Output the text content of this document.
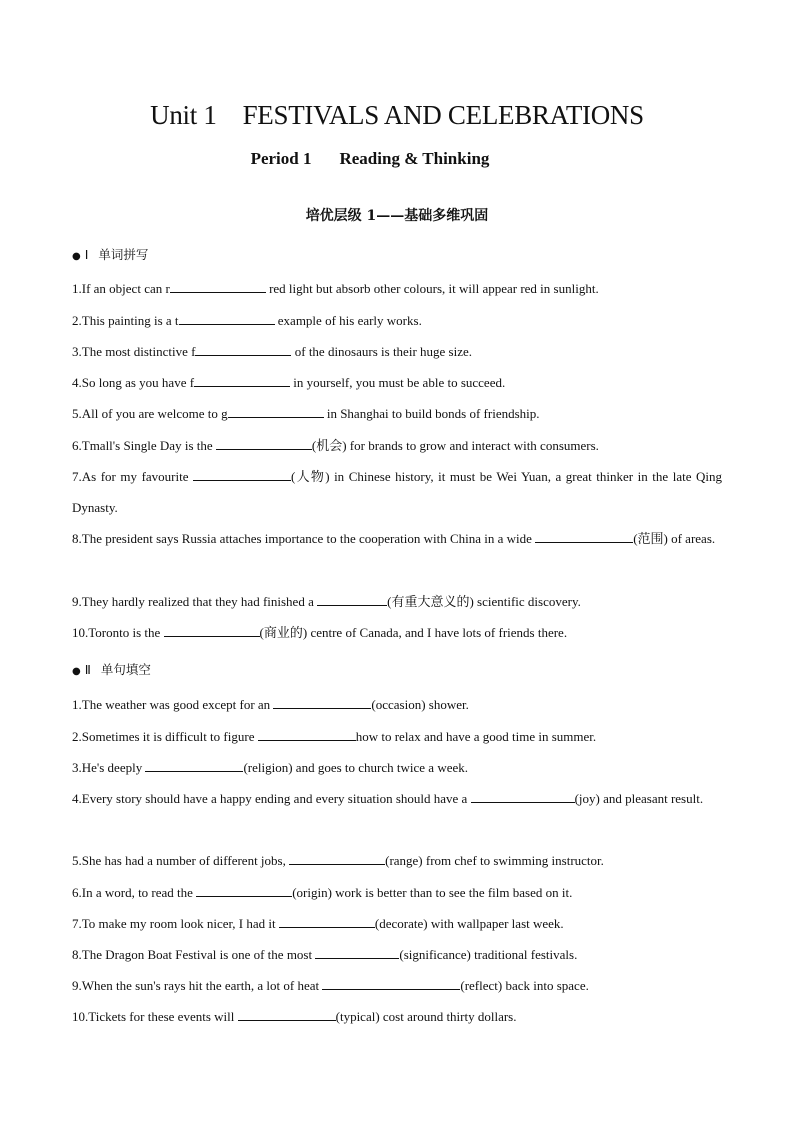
Unit 1 FESTIVALS AND CELEBRATIONS
Period 1 Reading & Thinking
培优层级 1——基础多维巩固
● Ⅰ 单词拼写
1.If an object can r	red light but absorb other colours, it will appear red in sunlight.
2.This painting is a t	example of his early works.
3.The most distinctive f	of the dinosaurs is their huge size.
4.So long as you have f	in yourself, you must be able to succeed.
5.All of you are welcome to g	in Shanghai to build bonds of friendship.
6.Tmall's Single Day is the	(机会) for brands to grow and interact with consumers.
7.As for my favourite	(人物) in Chinese history, it must be Wei Yuan, a great thinker in the late Qing Dynasty.
8.The president says Russia attaches importance to the cooperation with China in a wide	(范围) of areas.
9.They hardly realized that they had finished a	(有重大意义的) scientific discovery.
10.Toronto is the	(商业的) centre of Canada, and I have lots of friends there.
● Ⅱ 单句填空
1.The weather was good except for an	(occasion) shower.
2.Sometimes it is difficult to figure	how to relax and have a good time in summer.
3.He's deeply	(religion) and goes to church twice a week.
4.Every story should have a happy ending and every situation should have a	(joy) and pleasant result.
5.She has had a number of different jobs,	(range) from chef to swimming instructor.
6.In a word, to read the	(origin) work is better than to see the film based on it.
7.To make my room look nicer, I had it	(decorate) with wallpaper last week.
8.The Dragon Boat Festival is one of the most	(significance) traditional festivals.
9.When the sun's rays hit the earth, a lot of heat	(reflect) back into space.
10.Tickets for these events will	(typical) cost around thirty dollars.
